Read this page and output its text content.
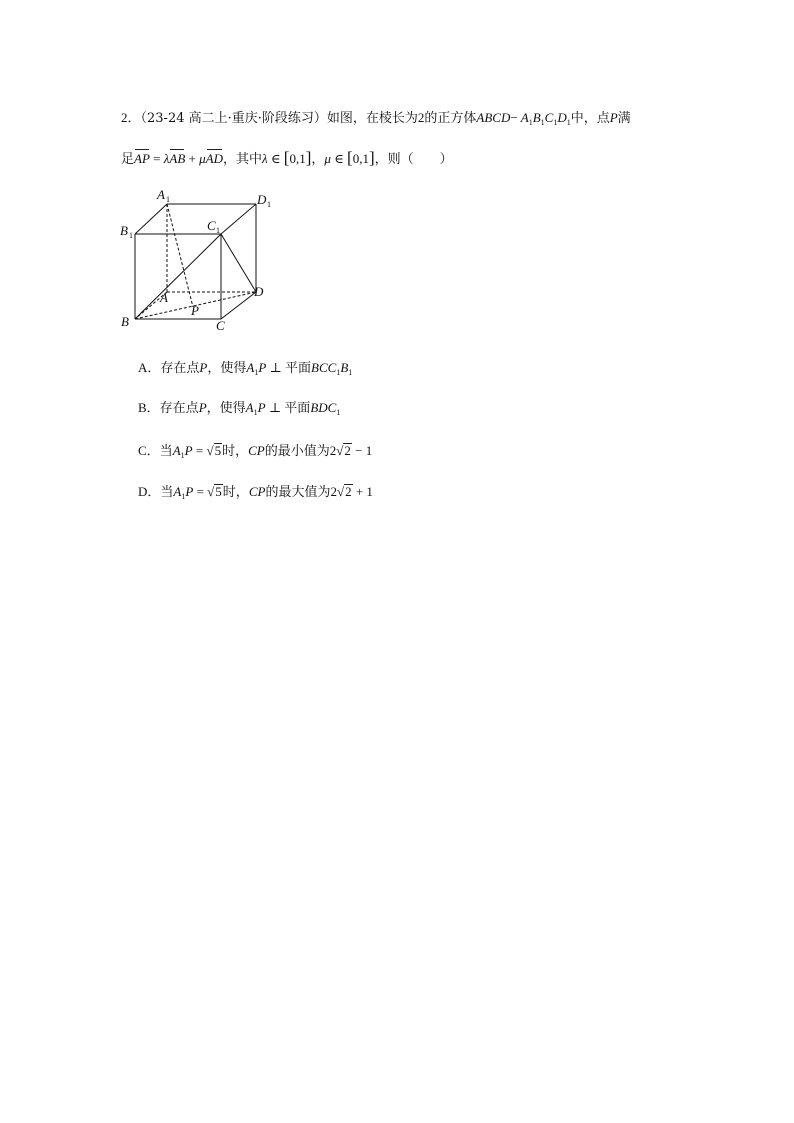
2．（23-24 高二上·重庆·阶段练习）如图，在棱长为2的正方体ABCD− $A_1B_1C_1D_1$中，点P满
足AP = λAB + μAD，其中λ ∈ [0,1]，μ ∈ [0,1]，则（　　）
A 1	D 1
B 1
C 1
A	D
P
B	C
A．存在点P，使得$A_1P$ ⊥ 平面$BCC_1B_1$
B．存在点P，使得$A_1P$ ⊥ 平面$BDC_1$
C．当$A_1P = √5$时，CP的最小值为2√2 − 1
D．当$A_1P = √5$时，CP的最大值为2√2 + 1
